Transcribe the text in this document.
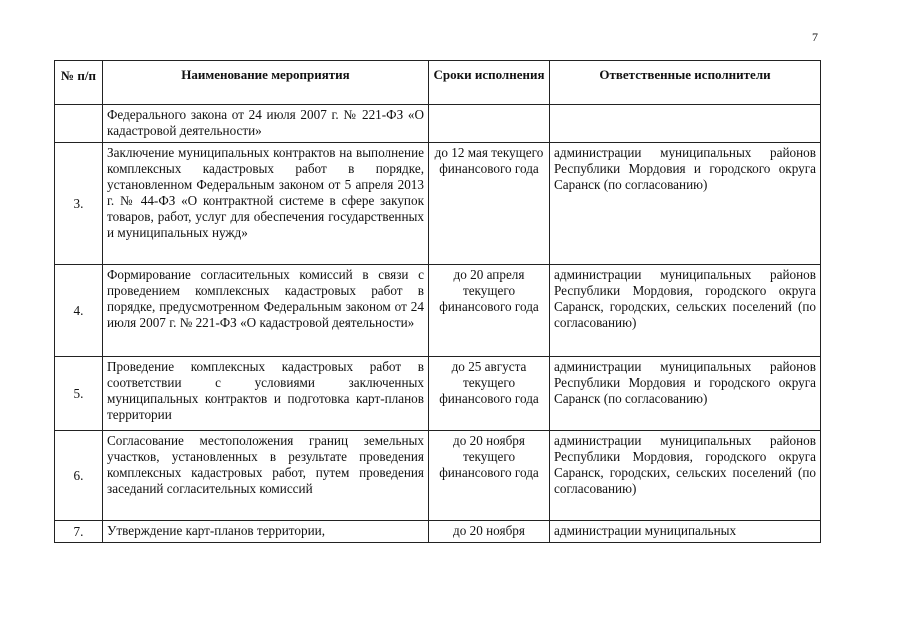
7
№ п/п	Наименование мероприятия	Сроки исполнения	Ответственные исполнители
	Федерального закона от 24 июля 2007 г. № 221-ФЗ «О кадастровой деятельности»		
3.	Заключение муниципальных контрактов на выполнение комплексных кадастровых работ в порядке, установленном Федеральным законом от 5 апреля 2013 г. № 44-ФЗ «О контрактной системе в сфере закупок товаров, работ, услуг для обеспечения государственных и муниципальных нужд»	до 12 мая текущего финансового года	администрации муниципальных районов Республики Мордовия и городского округа Саранск (по согласованию)
4.	Формирование согласительных комиссий в связи с проведением комплексных кадастровых работ в порядке, предусмотренном Федеральным законом от 24 июля 2007 г. № 221-ФЗ «О кадастровой деятельности»	до 20 апреля текущего финансового года	администрации муниципальных районов Республики Мордовия, городского округа Саранск, городских, сельских поселений (по согласованию)
5.	Проведение комплексных кадастровых работ в соответствии с условиями заключенных муниципальных контрактов и подготовка карт-планов территории	до 25 августа текущего финансового года	администрации муниципальных районов Республики Мордовия и городского округа Саранск (по согласованию)
6.	Согласование местоположения границ земельных участков, установленных в результате проведения комплексных кадастровых работ, путем проведения заседаний согласительных комиссий	до 20 ноября текущего финансового года	администрации муниципальных районов Республики Мордовия, городского округа Саранск, городских, сельских поселений (по согласованию)
7.	Утверждение карт-планов территории,	до 20 ноября	администрации муниципальных
